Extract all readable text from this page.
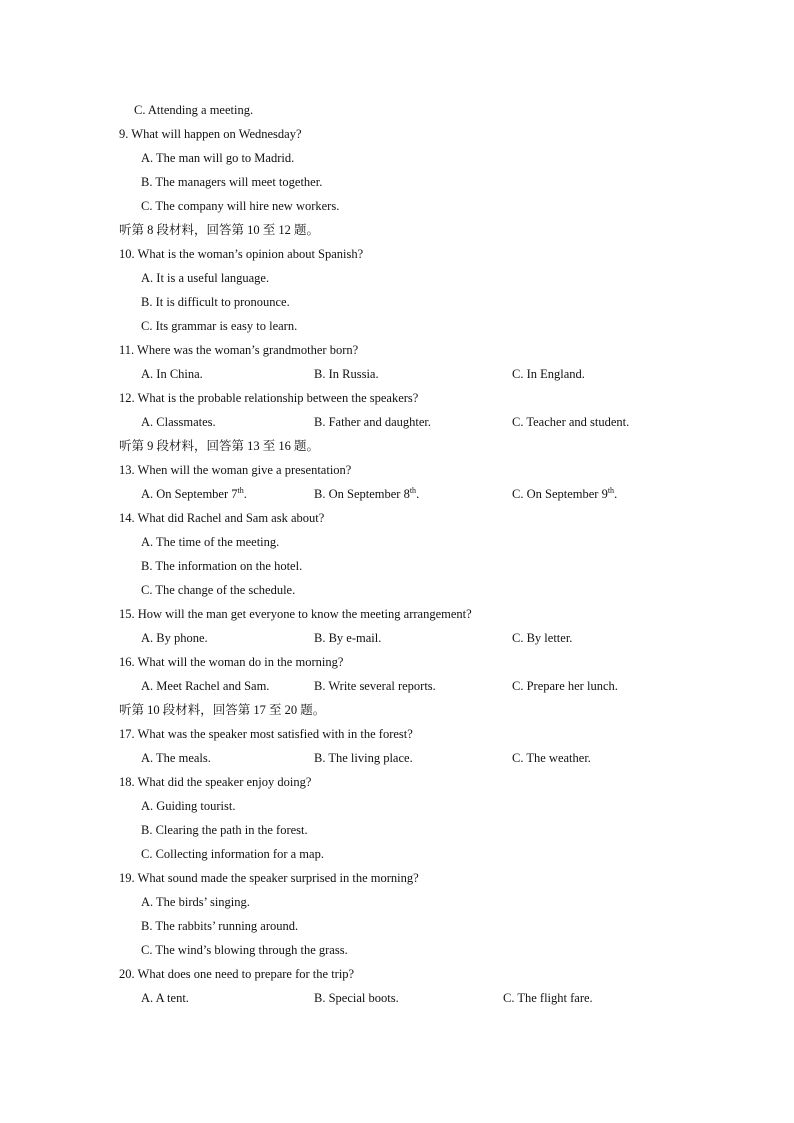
C. Attending a meeting.
9. What will happen on Wednesday?
A. The man will go to Madrid.
B. The managers will meet together.
C. The company will hire new workers.
听第 8 段材料，回答第 10 至 12 题。
10. What is the woman’s opinion about Spanish?
A. It is a useful language.
B. It is difficult to pronounce.
C. Its grammar is easy to learn.
11. Where was the woman’s grandmother born?
A. In China.	B. In Russia.	C. In England.
12. What is the probable relationship between the speakers?
A. Classmates.	B. Father and daughter.	C. Teacher and student.
听第 9 段材料，回答第 13 至 16 题。
13. When will the woman give a presentation?
A. On September 7th.	B. On September 8th.	C. On September 9th.
14. What did Rachel and Sam ask about?
A. The time of the meeting.
B. The information on the hotel.
C. The change of the schedule.
15. How will the man get everyone to know the meeting arrangement?
A. By phone.	B. By e-mail.	C. By letter.
16. What will the woman do in the morning?
A. Meet Rachel and Sam.	B. Write several reports.	C. Prepare her lunch.
听第 10 段材料，回答第 17 至 20 题。
17. What was the speaker most satisfied with in the forest?
A. The meals.	B. The living place.	C. The weather.
18. What did the speaker enjoy doing?
A. Guiding tourist.
B. Clearing the path in the forest.
C. Collecting information for a map.
19. What sound made the speaker surprised in the morning?
A. The birds’ singing.
B. The rabbits’ running around.
C. The wind’s blowing through the grass.
20. What does one need to prepare for the trip?
A. A tent.	B. Special boots.	C. The flight fare.
